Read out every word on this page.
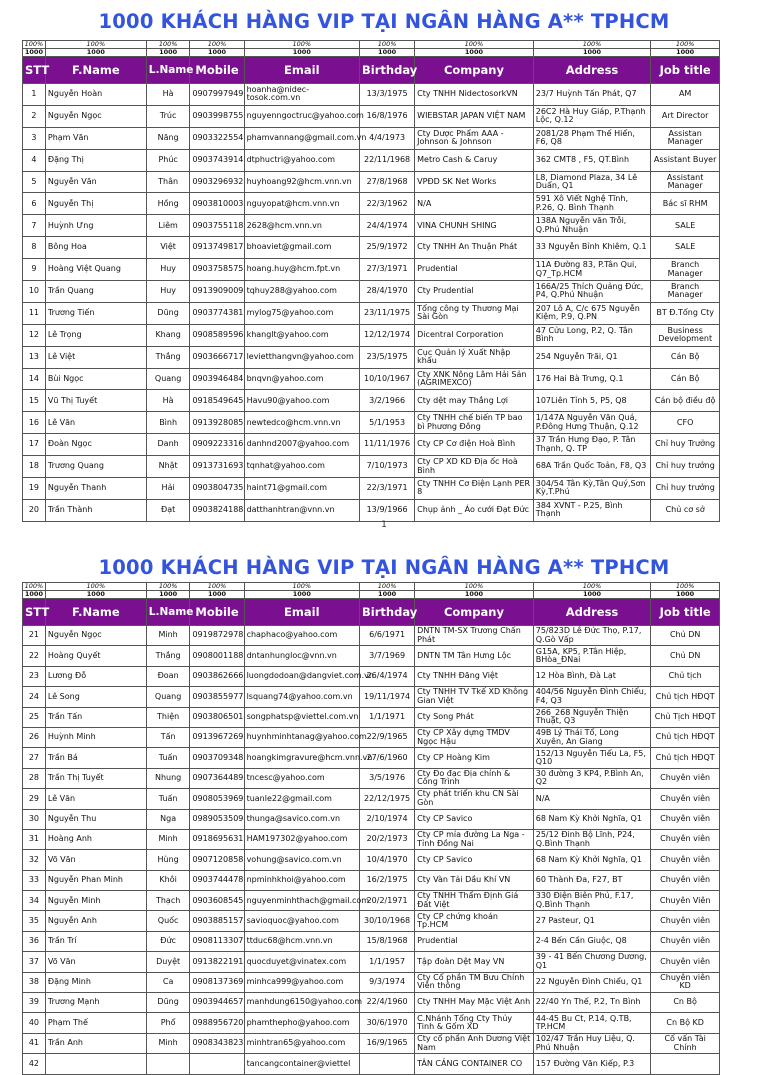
1000 KHÁCH HÀNG VIP TẠI NGÂN HÀNG A** TPHCM
100%	100%	100%	100%	100%	100%	100%	100%	100%
1000	1000	1000	1000	1000	1000	1000	1000	1000
STT	F.Name	L.Name	Mobile	Email	Birthday	Company	Address	Job title

1	Nguyễn Hoàn	Hà	0907997949	hoanha@nidec-tosok.com.vn	13/3/1975	Cty TNHH NidectosorkVN	23/7 Huỳnh Tấn Phát, Q7	AM

2	Nguyễn Ngọc	Trúc	0903998755	nguyenngoctruc@yahoo.com	16/8/1976	WIEBSTAR JAPAN VIỆT NAM	26C2 Hà Huy Giáp, P.Thạnh Lộc, Q.12	Art Director

3	Phạm Văn	Năng	0903322554	phamvannang@gmail.com.vn	4/4/1973	Cty Dược Phẩm AAA - Johnson & Johnson	2081/28 Phạm Thế Hiển, F6, Q8	Assistan Manager

4	Đặng Thị	Phúc	0903743914	dtphuctri@yahoo.com	22/11/1968	Metro Cash & Caruy	362 CMT8 , F5, QT.Bình	Assistant Buyer

5	Nguyễn Văn	Thân	0903296932	huyhoang92@hcm.vnn.vn	27/8/1968	VPĐD SK Net Works	L8, Diamond Plaza, 34 Lê Duẩn, Q1	Assistant Manager

6	Nguyễn Thị	Hồng	0903810003	nguyopat@hcm.vnn.vn	22/3/1962	N/A	591 Xô Viết Nghệ Tĩnh, P.26, Q. Bình Thạnh	Bác sĩ RHM

7	Huỳnh Ưng	Liêm	0903755118	2628@hcm.vnn.vn	24/4/1974	VINA CHUNH SHING	138A Nguyễn văn Trỗi, Q.Phú Nhuận	SALE

8	Bông Hoa	Việt	0913749817	bhoaviet@gmail.com	25/9/1972	Cty TNHH An Thuận Phát	33 Nguyễn Bỉnh Khiêm, Q.1	SALE

9	Hoàng Việt Quang	Huy	0903758575	hoang.huy@hcm.fpt.vn	27/3/1971	Prudential	11A Đường 83, P.Tân Qui, Q7_Tp.HCM	Branch Manager

10	Trần Quang	Huy	0913909009	tqhuy288@yahoo.com	28/4/1970	Cty Prudential	166A/25 Thích Quảng Đức, P4, Q.Phú Nhuận	Branch Manager

11	Trương Tiến	Dũng	0903774381	mylog75@yahoo.com	23/11/1975	Tổng công ty Thương Mại Sài Gòn	207 Lô A, C/c 675 Nguyễn Kiệm, P.9, Q.PN	BT Đ.Tổng Cty

12	Lê Trọng	Khang	0908589596	khanglt@yahoo.com	12/12/1974	Dicentral Corporation	47 Cửu Long, P.2, Q. Tân Bình	Business Development

13	Lê Việt	Thắng	0903666717	levietthangvn@yahoo.com	23/5/1975	Cục Quản lý Xuất Nhập khẩu	254 Nguyễn Trãi, Q1	Cán Bộ

14	Bùi Ngọc	Quang	0903946484	bnqvn@yahoo.com	10/10/1967	Cty XNK Nông Lâm Hải Sản (AGRIMEXCO)	176 Hai Bà Trưng, Q.1	Cán Bộ

15	Vũ Thị Tuyết	Hà	0918549645	Havu90@yahoo.com	3/2/1966	Cty dệt may Thắng Lợi	107Liên Tỉnh 5, P5, Q8	Cán bộ điều độ

16	Lê Văn	Bình	0913928085	newtedco@hcm.vnn.vn	5/1/1953	Cty TNHH chế biến TP bao bì Phương Đông	1/147A Nguyễn Văn Quá, P.Đông Hưng Thuận, Q.12	CFO

17	Đoàn Ngọc	Danh	0909223316	danhnd2007@yahoo.com	11/11/1976	Cty CP Cơ điện Hoà Bình	37 Trần Hưng Đạo, P. Tân Thạnh, Q. TP	Chỉ huy Trưởng

18	Trương Quang	Nhật	0913731693	tqnhat@yahoo.com	7/10/1973	Cty CP XD KD Địa ốc Hoà Bình	68A Trần Quốc Toản, F8, Q3	Chỉ huy trưởng

19	Nguyễn Thanh	Hải	0903804735	haint71@gmail.com	22/3/1971	Cty TNHH Cơ Điện Lạnh PER 8	304/54 Tân Kỳ,Tân Quý,Sơn Kỳ,T.Phú	Chỉ huy trưởng

20	Trần Thành	Đạt	0903824188	datthanhtran@vnn.vn	13/9/1966	Chụp ảnh _ Áo cưới Đạt Đức	384 XVNT - P.25, Bình Thạnh	Chủ cơ sở
1
1000 KHÁCH HÀNG VIP TẠI NGÂN HÀNG A** TPHCM
100%	100%	100%	100%	100%	100%	100%	100%	100%
1000	1000	1000	1000	1000	1000	1000	1000	1000
STT	F.Name	L.Name	Mobile	Email	Birthday	Company	Address	Job title

21	Nguyễn Ngọc	Minh	0919872978	chaphaco@yahoo.com	6/6/1971	DNTN TM-SX Trương Chấn Phát	75/823D Lê Đức Thọ, P.17, Q.Gò Vấp	Chủ DN

22	Hoàng Quyết	Thắng	0908001188	dntanhungloc@vnn.vn	3/7/1969	DNTN TM Tân Hưng Lộc	G15A, KP5, P.Tân Hiệp, BHòa_ĐNai	Chủ DN

23	Lương Đỗ	Đoan	0903862666	luongdodoan@dangviet.com.vn	26/4/1974	Cty TNHH Đăng Việt	12 Hòa Bình, Đà Lạt	Chủ tịch

24	Lê Song	Quang	0903855977	lsquang74@yahoo.com.vn	19/11/1974	Cty TNHH TV Tkế XD Không Gian Việt	404/56 Nguyễn Đình Chiểu, F4, Q3	Chủ tịch HĐQT

25	Trần Tấn	Thiện	0903806501	songphatsp@viettel.com.vn	1/1/1971	Cty Song Phát	266_268 Nguyễn Thiện Thuật, Q3	Chủ Tịch HĐQT

26	Huỳnh Minh	Tấn	0913967269	huynhminhtanag@yahoo.com	22/9/1965	Cty CP Xây dựng TMDV Ngọc Hậu	49B Lý Thái Tổ, Long Xuyên, An Giang	Chủ tịch HĐQT

27	Trần Bá	Tuấn	0903709348	hoangkimgravure@hcm.vnn.vn	27/6/1960	Cty CP Hoàng Kim	152/13 Nguyễn Tiểu La, F5, Q10	Chủ tịch HĐQT

28	Trần Thị Tuyết	Nhung	0907364489	tncesc@yahoo.com	3/5/1976	Cty Đo đạc Địa chính & Công Trình	30 đường 3 KP4, P.Bình An, Q2	Chuyên viên

29	Lê Văn	Tuấn	0908053969	tuanle22@gmail.com	22/12/1975	Cty phát triển khu CN Sài Gòn	N/A	Chuyên viên

30	Nguyễn Thu	Nga	0989053509	thunga@savico.com.vn	2/10/1974	Cty CP Savico	68 Nam Kỳ Khởi Nghĩa, Q1	Chuyên viên

31	Hoàng Anh	Minh	0918695631	HAM197302@yahoo.com	20/2/1973	Cty CP mía đường La Nga - Tỉnh Đồng Nai	25/12 Đinh Bộ Lĩnh, P24, Q.Bình Thạnh	Chuyên viên

32	Võ Văn	Hùng	0907120858	vohung@savico.com.vn	10/4/1970	Cty CP Savico	68 Nam Kỳ Khởi Nghĩa, Q1	Chuyên viên

33	Nguyễn Phan Minh	Khôi	0903744478	npminhkhoi@yahoo.com	16/2/1975	Cty Vàn Tải Dầu Khí VN	60 Thành Đa, F27, BT	Chuyên viên

34	Nguyễn Minh	Thạch	0903608545	nguyenminhthach@gmail.com	20/2/1971	Cty TNHH Thẩm Định Giá Đất Việt	330 Điện Biên Phủ, F.17, Q.Bình Thạnh	Chuyên Viên

35	Nguyễn Anh	Quốc	0903885157	savioquoc@yahoo.com	30/10/1968	Cty CP chứng khoán Tp.HCM	27 Pasteur, Q1	Chuyên viên

36	Trần Trí	Đức	0908113307	ttduc68@hcm.vnn.vn	15/8/1968	Prudential	2-4 Bến Cần Giuộc, Q8	Chuyên viên

37	Võ Văn	Duyệt	0913822191	quocduyet@vinatex.com	1/1/1957	Tập đoàn Dệt May VN	39 - 41 Bến Chương Dương, Q1	Chuyên viên

38	Đặng Minh	Ca	0908137369	minhca999@yahoo.com	9/3/1974	Cty Cổ phần TM Bưu Chính Viễn thông	22 Nguyễn Đình Chiểu, Q1	Chuyên viên KD

39	Trương Mạnh	Dũng	0903944657	manhdung6150@yahoo.com	22/4/1960	Cty TNHH May Mặc Việt Anh	22/40 Yn Thế, P.2, Tn Bình	Cn Bộ

40	Phạm Thế	Phổ	0988956720	phamthepho@yahoo.com	30/6/1970	C.Nhánh Tổng Cty Thủy Tinh & Gốm XD	44-45 Bu Ct, P.14, Q.TB, TP.HCM	Cn Bộ KD

41	Trần Anh	Minh	0908343823	minhtran65@yahoo.com	16/9/1965	Cty cổ phần Anh Dương Việt Nam	102/47 Trần Huy Liệu, Q. Phú Nhuận	Cố vấn Tài Chính

42				tancangcontainer@viettel		TÂN CẢNG CONTAINER CO	157 Đường Văn Kiếp, P.3	
